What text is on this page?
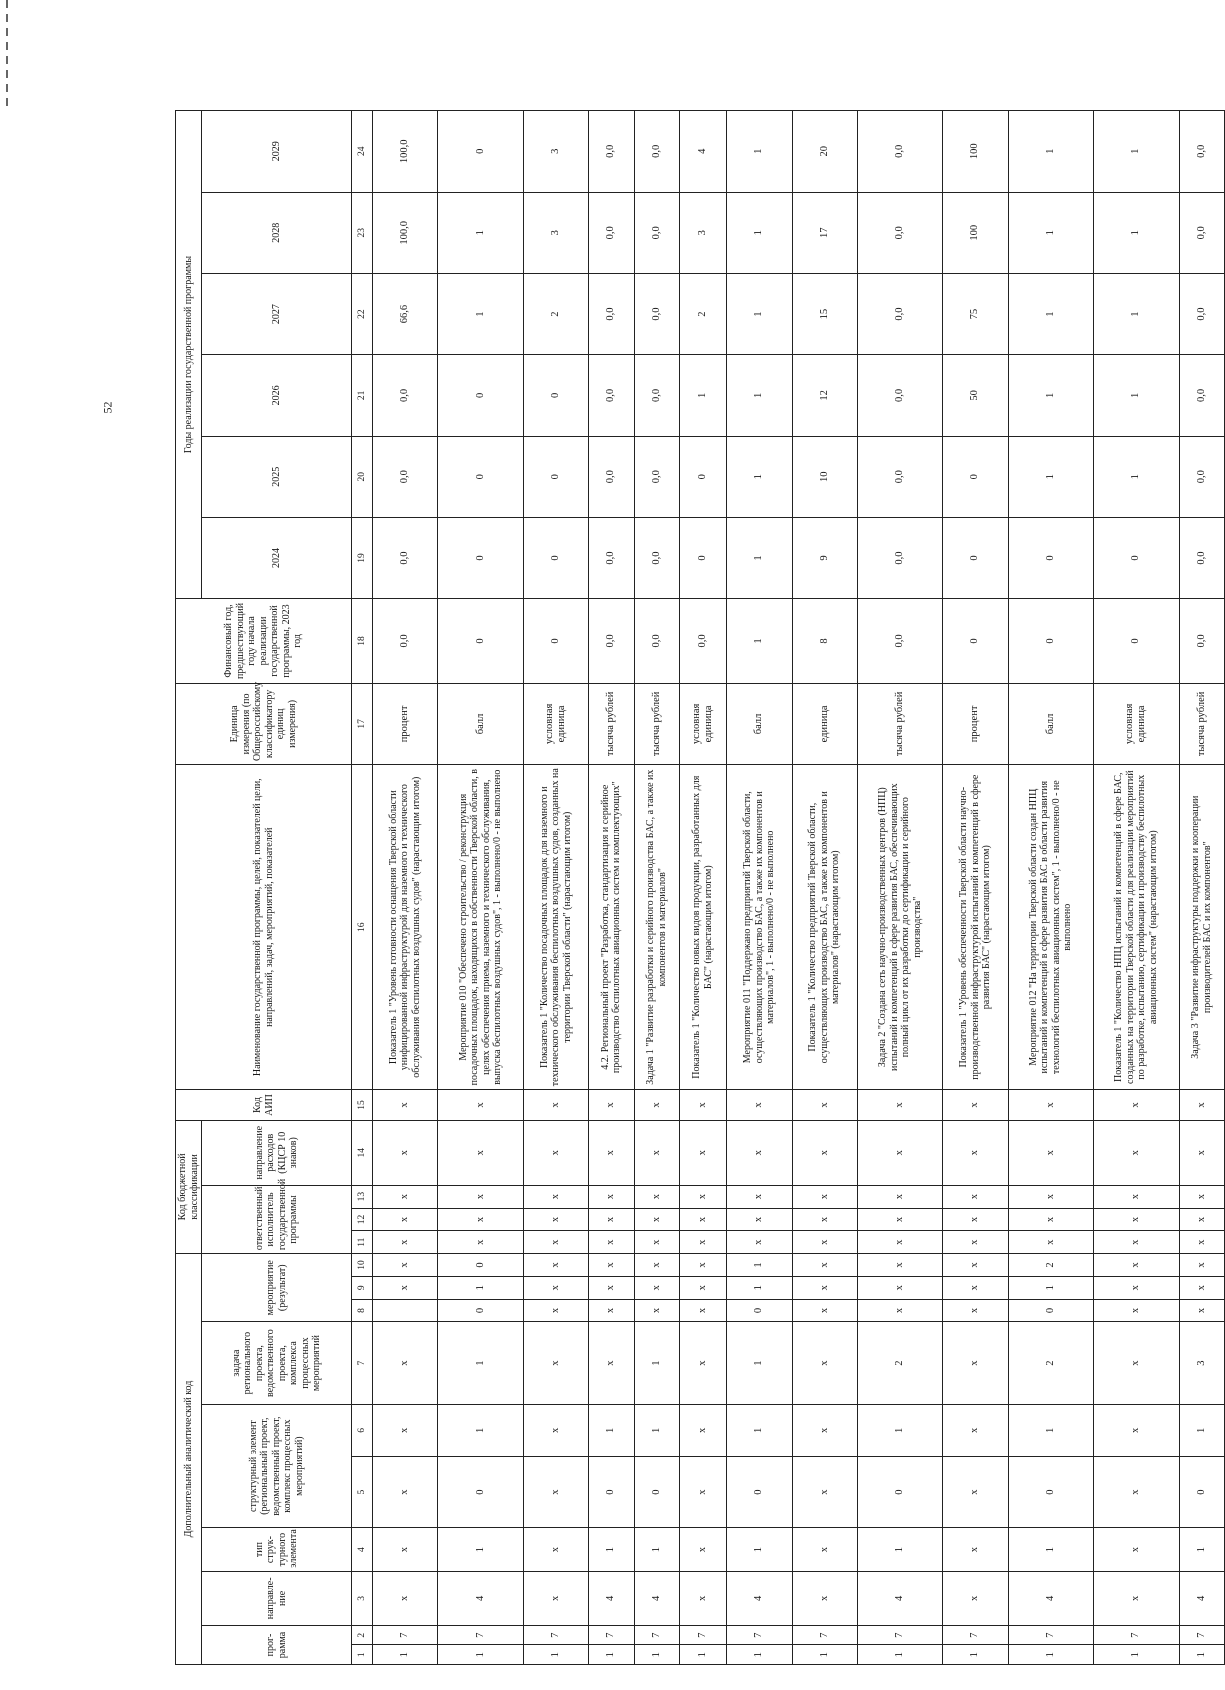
52
Дополнительный аналитический код										Код бюджетной классификации				Код АИП	Наименование государственной программы, целей, показателей цели, направлений, задач, мероприятий, показателей	Единица измерения (по Общероссийскому классификатору единиц измерения)	Финансовый год, предшествующий году начала реализации государственной программы, 2023 год	Годы реализации государственной программы					
прог-рамма		направле-ние	тип струк-турного элемента	структурный элемент (региональный проект, ведомственный проект, комплекс процессных мероприятий)		задача регионального проекта, ведомственного проекта, комплекса процессных мероприятий	мероприятие (результат)			ответственный исполнитель государственной программы			направление расходов (КЦСР 10 знаков)					2024	2025	2026	2027	2028	2029
1	2	3	4	5	6	7	8	9	10	11	12	13	14	15	16	17	18	19	20	21	22	23	24
1	7	x	x	x	x	x		x	x	x	x	x	x	x	Показатель 1 "Уровень готовности оснащения Тверской области унифицированной инфраструктурой для наземного и технического обслуживания беспилотных воздушных судов" (нарастающим итогом)	процент	0,0	0,0	0,0	0,0	66,6	100,0	100,0
1	7	4	1	0	1	1	0	1	0	x	x	x	x	x	Мероприятие 010 "Обеспечено строительство / реконструкция посадочных площадок, находящихся в собственности Тверской области, в целях обеспечения приема, наземного и технического обслуживания, выпуска беспилотных воздушных судов", 1 - выполнено/0 - не выполнено	балл	0	0	0	0	1	1	0
1	7	x	x	x	x	x	x	x	x	x	x	x	x	x	Показатель 1 "Количество посадочных площадок для наземного и технического обслуживания беспилотных воздушных судов, созданных на территории Тверской области" (нарастающим итогом)	условная единица	0	0	0	0	2	3	3
1	7	4	1	0	1	x	x	x	x	x	x	x	x	x	4.2. Региональный проект "Разработка, стандартизация и серийное производство беспилотных авиационных систем и комплектующих"	тысяча рублей	0,0	0,0	0,0	0,0	0,0	0,0	0,0
1	7	4	1	0	1	1	x	x	x	x	x	x	x	x	Задача 1 "Развитие разработки и серийного производства БАС, а также их компонентов и материалов"	тысяча рублей	0,0	0,0	0,0	0,0	0,0	0,0	0,0
1	7	x	x	x	x	x	x	x	x	x	x	x	x	x	Показатель 1 "Количество новых видов продукции, разработанных для БАС" (нарастающим итогом)	условная единица	0,0	0	0	1	2	3	4
1	7	4	1	0	1	1	0	1	1	x	x	x	x	x	Мероприятие 011 "Поддержано предприятий Тверской области, осуществляющих производство БАС, а также их компонентов и материалов", 1 - выполнено/0 - не выполнено	балл	1	1	1	1	1	1	1
1	7	x	x	x	x	x	x	x	x	x	x	x	x	x	Показатель 1 "Количество предприятий Тверской области, осуществляющих производство БАС, а также их компонентов и материалов" (нарастающим итогом)	единица	8	9	10	12	15	17	20
1	7	4	1	0	1	2	x	x	x	x	x	x	x	x	Задача 2 "Создана сеть научно-производственных центров (НПЦ) испытаний и компетенций в сфере развития БАС, обеспечивающих полный цикл от их разработки до сертификации и серийного производства"	тысяча рублей	0,0	0,0	0,0	0,0	0,0	0,0	0,0
1	7	x	x	x	x	x	x	x	x	x	x	x	x	x	Показатель 1 "Уровень обеспеченности Тверской области научно-производственной инфраструктурой испытаний и компетенций в сфере развития БАС" (нарастающим итогом)	процент	0	0	0	50	75	100	100
1	7	4	1	0	1	2	0	1	2	x	x	x	x	x	Мероприятие 012 "На территории Тверской области создан НПЦ испытаний и компетенций в сфере развития БАС в области развития технологий беспилотных авиационных систем", 1 - выполнено/0 - не выполнено	балл	0	0	1	1	1	1	1
1	7	x	x	x	x	x	x	x	x	x	x	x	x	x	Показатель 1 "Количество НПЦ испытаний и компетенций в сфере БАС, созданных на территории Тверской области для реализации мероприятий по разработке, испытанию, сертификации и производству беспилотных авиационных систем" (нарастающим итогом)	условная единица	0	0	1	1	1	1	1
1	7	4	1	0	1	3	x	x	x	x	x	x	x	x	Задача 3 "Развитие инфраструктуры поддержки и кооперации производителей БАС и их компонентов"	тысяча рублей	0,0	0,0	0,0	0,0	0,0	0,0	0,0
